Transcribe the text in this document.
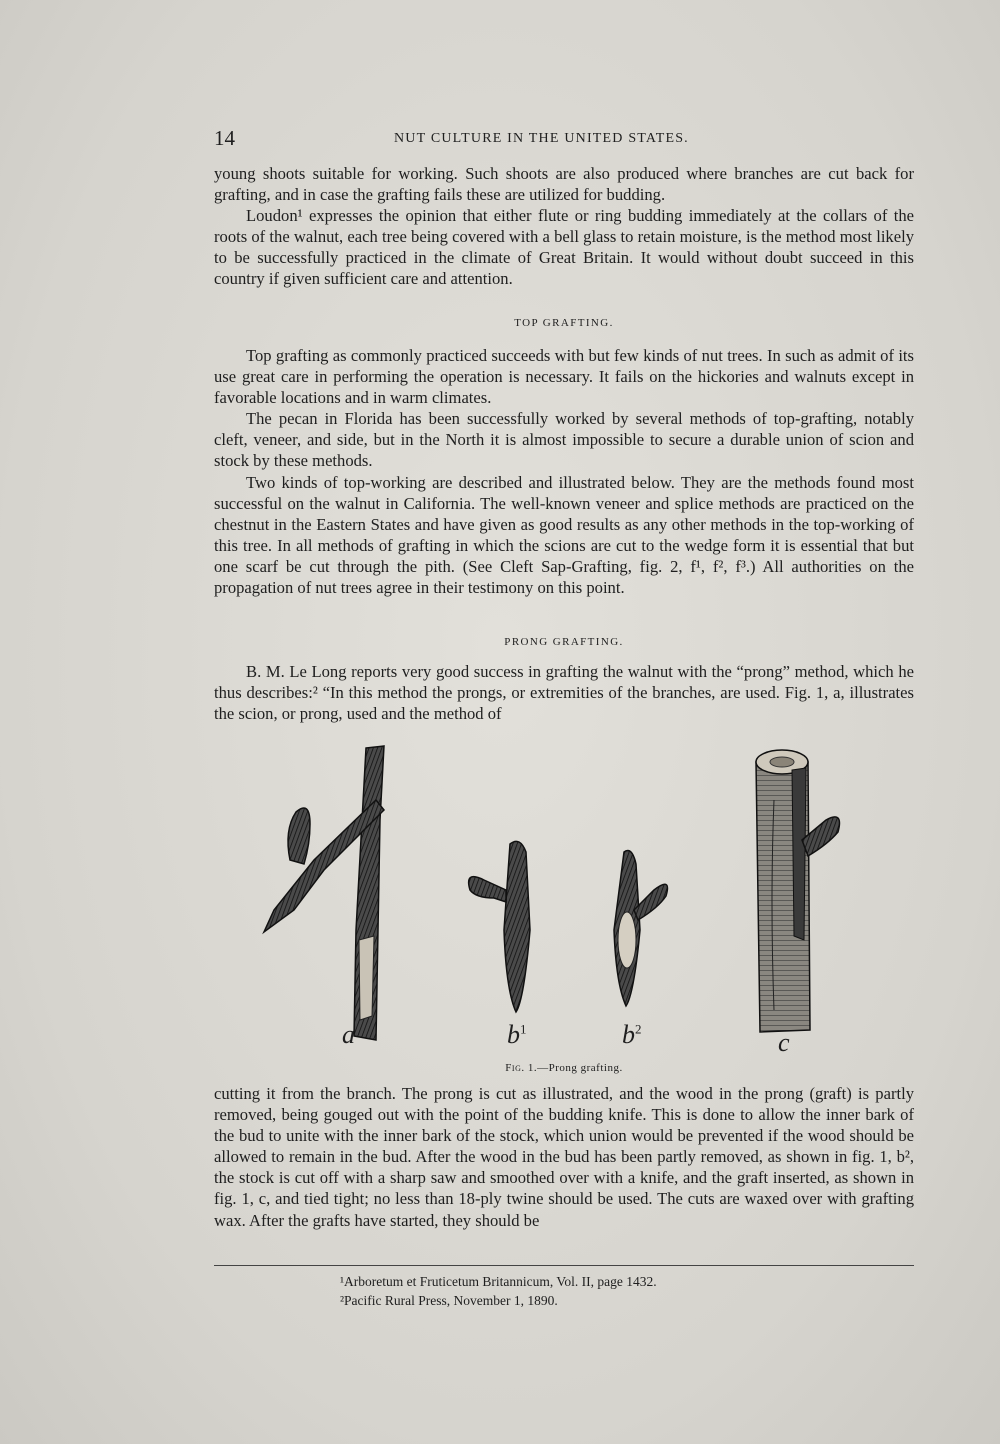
14	NUT CULTURE IN THE UNITED STATES.

young shoots suitable for working. Such shoots are also produced where branches are cut back for grafting, and in case the grafting fails these are utilized for budding.

Loudon¹ expresses the opinion that either flute or ring budding immediately at the collars of the roots of the walnut, each tree being covered with a bell glass to retain moisture, is the method most likely to be successfully practiced in the climate of Great Britain. It would without doubt succeed in this country if given sufficient care and attention.

TOP GRAFTING.

Top grafting as commonly practiced succeeds with but few kinds of nut trees. In such as admit of its use great care in performing the operation is necessary. It fails on the hickories and walnuts except in favorable locations and in warm climates.

The pecan in Florida has been successfully worked by several methods of top-grafting, notably cleft, veneer, and side, but in the North it is almost impossible to secure a durable union of scion and stock by these methods.

Two kinds of top-working are described and illustrated below. They are the methods found most successful on the walnut in California. The well-known veneer and splice methods are practiced on the chestnut in the Eastern States and have given as good results as any other methods in the top-working of this tree. In all methods of grafting in which the scions are cut to the wedge form it is essential that but one scarf be cut through the pith. (See Cleft Sap-Grafting, fig. 2, f¹, f², f³.) All authorities on the propagation of nut trees agree in their testimony on this point.

PRONG GRAFTING.

B. M. Le Long reports very good success in grafting the walnut with the “prong” method, which he thus describes:² “In this method the prongs, or extremities of the branches, are used. Fig. 1, a, illustrates the scion, or prong, used and the method of

a	$b^1$	$b^2$	c
Fig. 1.—Prong grafting.

cutting it from the branch. The prong is cut as illustrated, and the wood in the prong (graft) is partly removed, being gouged out with the point of the budding knife. This is done to allow the inner bark of the bud to unite with the inner bark of the stock, which union would be prevented if the wood should be allowed to remain in the bud. After the wood in the bud has been partly removed, as shown in fig. 1, b², the stock is cut off with a sharp saw and smoothed over with a knife, and the graft inserted, as shown in fig. 1, c, and tied tight; no less than 18-ply twine should be used. The cuts are waxed over with grafting wax. After the grafts have started, they should be

¹Arboretum et Fruticetum Britannicum, Vol. II, page 1432.
²Pacific Rural Press, November 1, 1890.
